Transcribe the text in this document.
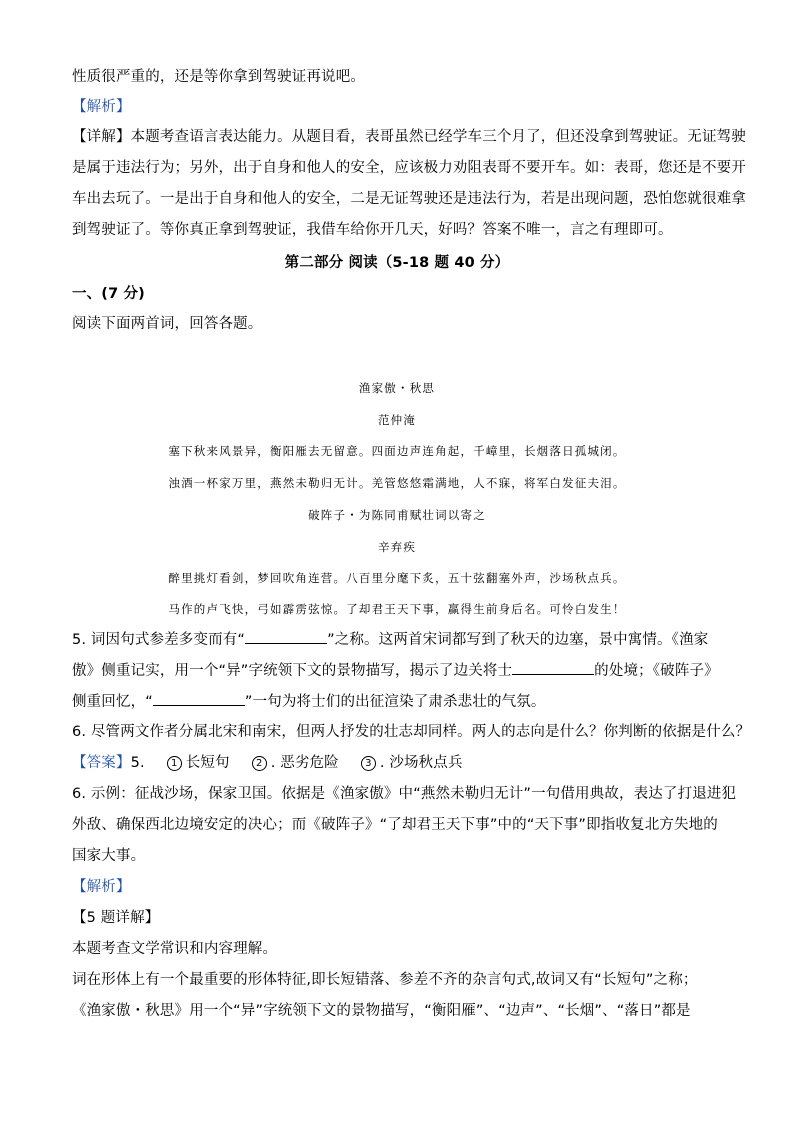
性质很严重的，还是等你拿到驾驶证再说吧。
【解析】
【详解】本题考查语言表达能力。从题目看，表哥虽然已经学车三个月了，但还没拿到驾驶证。无证驾驶
是属于违法行为；另外，出于自身和他人的安全，应该极力劝阻表哥不要开车。如：表哥，您还是不要开
车出去玩了。一是出于自身和他人的安全，二是无证驾驶还是违法行为，若是出现问题，恐怕您就很难拿
到驾驶证了。等你真正拿到驾驶证，我借车给你开几天，好吗？答案不唯一，言之有理即可。
第二部分 阅读（5-18 题 40 分）
一、(7 分)
阅读下面两首词，回答各题。
渔家傲・秋思
范仲淹
塞下秋来风景异，衡阳雁去无留意。四面边声连角起，千嶂里，长烟落日孤城闭。
浊酒一杯家万里，燕然未勒归无计。羌管悠悠霜满地，人不寐，将军白发征夫泪。
破阵子・为陈同甫赋壮词以寄之
辛弃疾
醉里挑灯看剑，梦回吹角连营。八百里分麾下炙，五十弦翻塞外声，沙场秋点兵。
马作的卢飞快，弓如霹雳弦惊。了却君王天下事，赢得生前身后名。可怜白发生！
5. 词因句式参差多变而有“	”之称。这两首宋词都写到了秋天的边塞，景中寓情。《渔家
傲》侧重记实，用一个“异”字统领下文的景物描写，揭示了边关将士	的处境；《破阵子》
侧重回忆，“	”一句为将士们的出征渲染了肃杀悲壮的气氛。
6. 尽管两文作者分属北宋和南宋，但两人抒发的壮志却同样。两人的志向是什么？你判断的依据是什么？
【答案】5.	1 长短句	2 . 恶劣危险	3 . 沙场秋点兵
6. 示例：征战沙场，保家卫国。依据是《渔家傲》中“燕然未勒归无计”一句借用典故，表达了打退进犯
外敌、确保西北边境安定的决心；而《破阵子》“了却君王天下事”中的“天下事”即指收复北方失地的
国家大事。
【解析】
【5 题详解】
本题考查文学常识和内容理解。
词在形体上有一个最重要的形体特征,即长短错落、参差不齐的杂言句式,故词又有“长短句”之称；
《渔家傲・秋思》用一个“异”字统领下文的景物描写，“衡阳雁”、“边声”、“长烟”、“落日”都是
